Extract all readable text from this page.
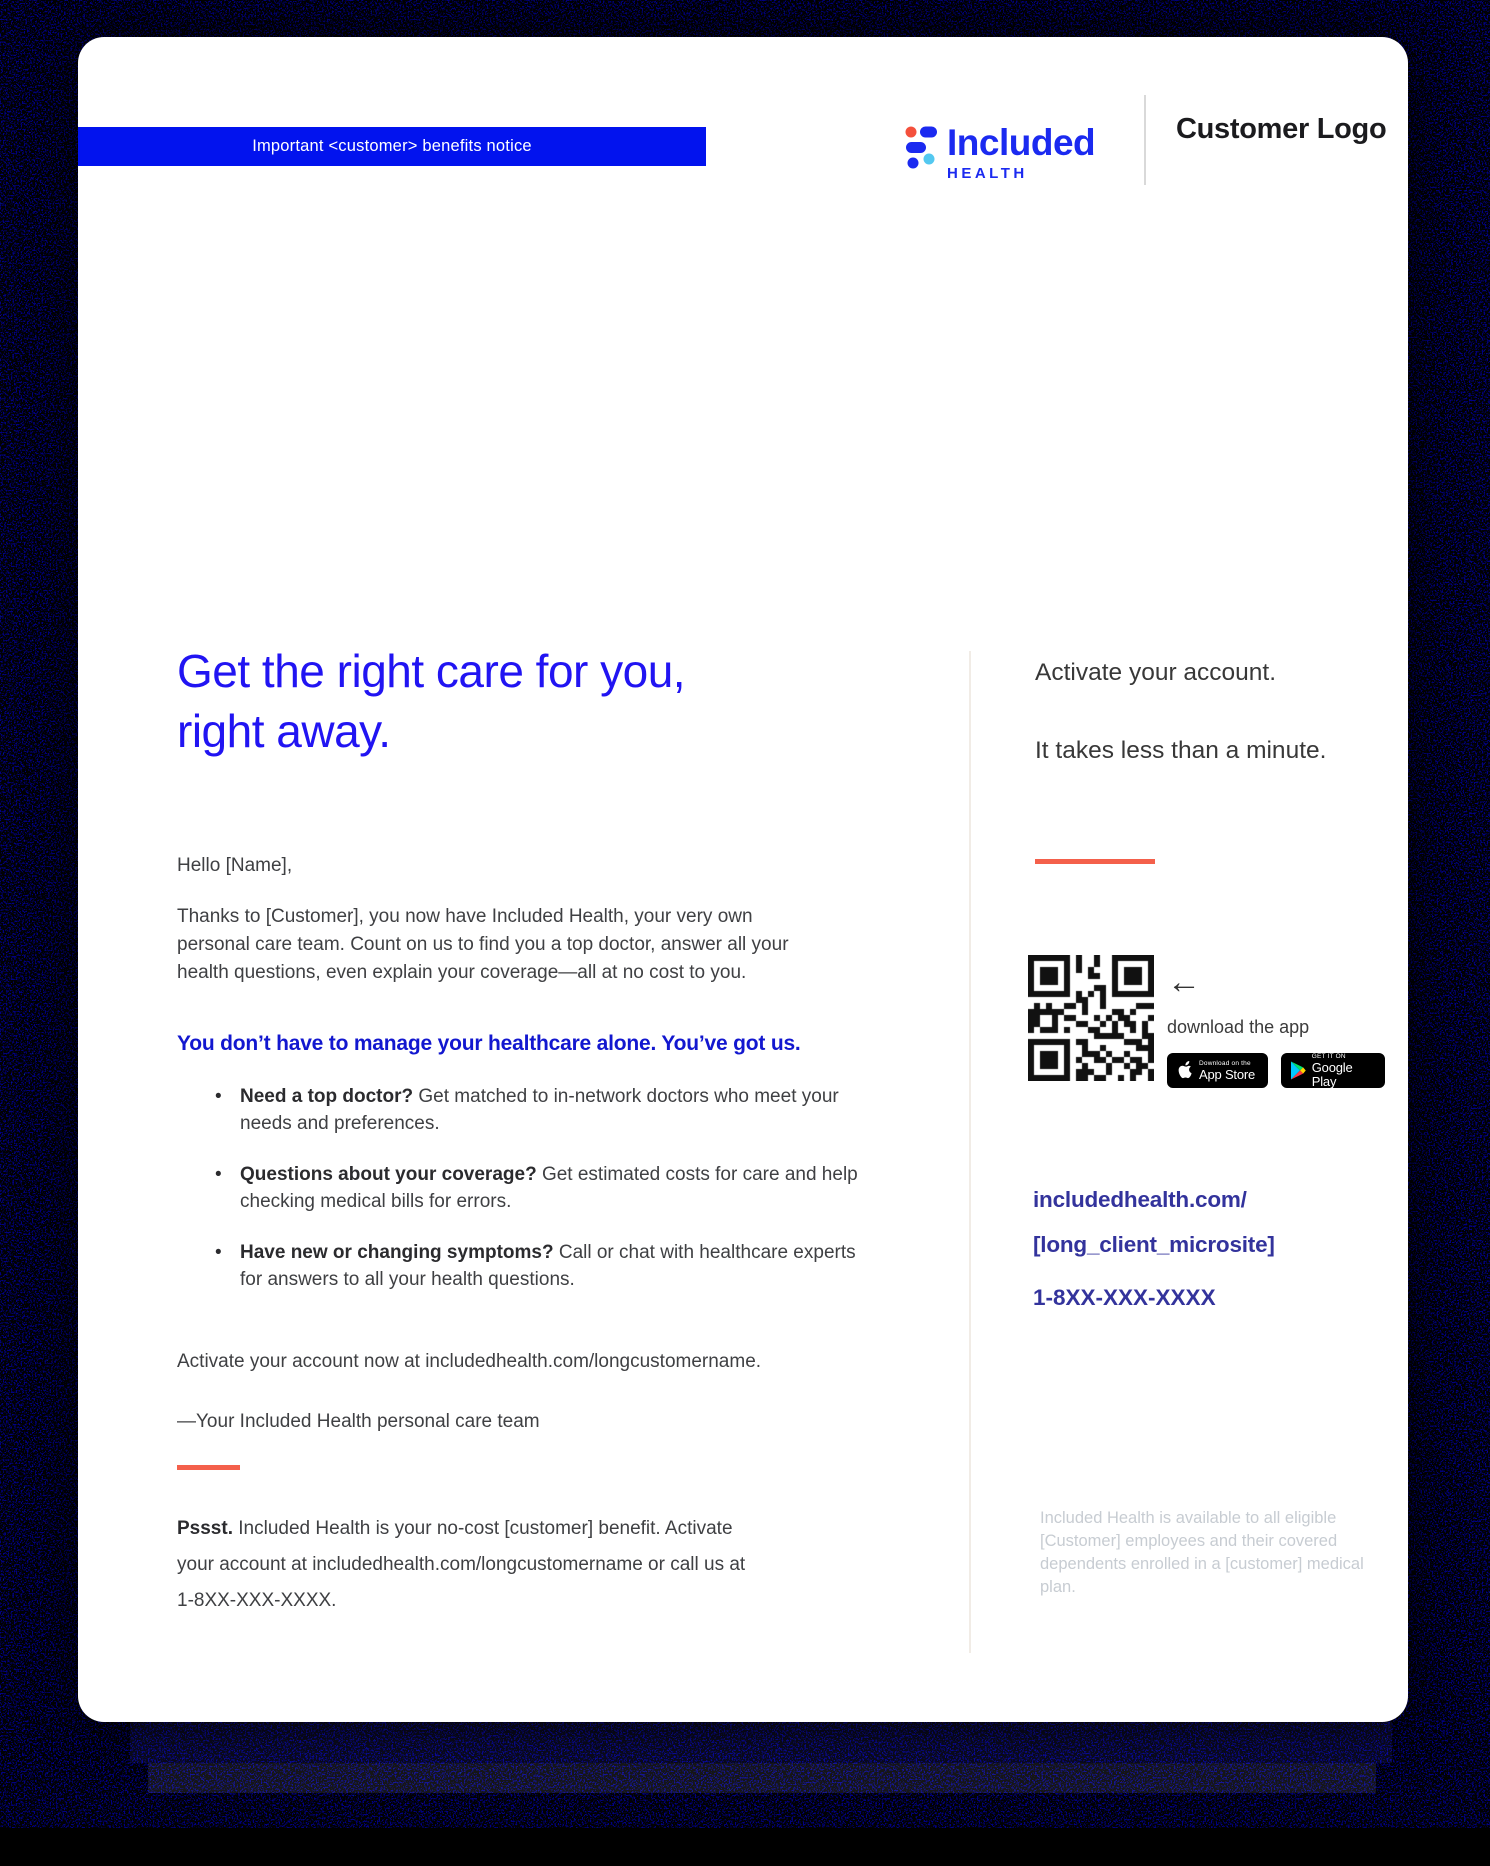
Important <customer> benefits notice	Included
HEALTH
Customer Logo
Get the right care for you,
right away.
Hello [Name],
Thanks to [Customer], you now have Included Health, your very own personal care team. Count on us to find you a top doctor, answer all your health questions, even explain your coverage—all at no cost to you.
You don’t have to manage your healthcare alone. You’ve got us.
• Need a top doctor? Get matched to in-network doctors who meet your needs and preferences.
• Questions about your coverage? Get estimated costs for care and help checking medical bills for errors.
• Have new or changing symptoms? Call or chat with healthcare experts for answers to all your health questions.
Activate your account now at includedhealth.com/longcustomername.
—Your Included Health personal care team
Pssst. Included Health is your no-cost [customer] benefit. Activate your account at includedhealth.com/longcustomername or call us at 1-8XX-XXX-XXXX.
Activate your account.
It takes less than a minute.
←
download the app
Download on the
App Store
GET IT ON
Google Play
includedhealth.com/
[long_client_microsite]
1-8XX-XXX-XXXX
Included Health is available to all eligible [Customer] employees and their covered dependents enrolled in a [customer] medical plan.
